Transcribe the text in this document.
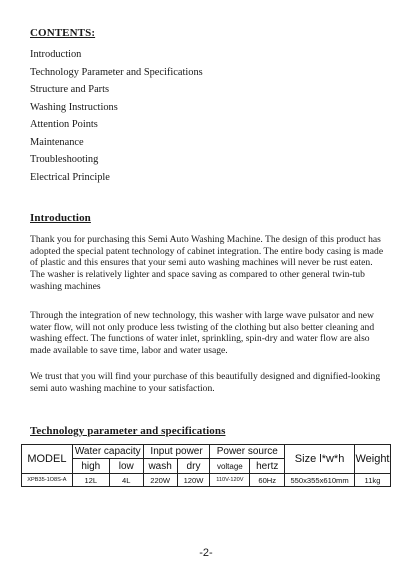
CONTENTS:
Introduction
Technology Parameter and Specifications
Structure and Parts
Washing Instructions
Attention Points
Maintenance
Troubleshooting
Electrical Principle
Introduction
Thank you for purchasing this Semi Auto Washing Machine. The design of this product has adopted the special patent technology of cabinet integration. The entire body casing is made of plastic and this ensures that your semi auto washing machines will never be rust eaten. The washer is relatively lighter and space saving as compared to other general twin-tub washing machines
Through the integration of new technology, this washer with large wave pulsator and new water flow, will not only produce less twisting of the clothing but also better cleaning and washing effect. The functions of water inlet, sprinkling, spin-dry and water flow are also made available to save time, labor and water usage.
We trust that you will find your purchase of this beautifully designed and dignified-looking semi auto washing machine to your satisfaction.
Technology parameter and specifications
MODEL	Water capacity		Input power		Power source		Size l*w*h	Weight
	high	low	wash	dry	voltage	hertz		
XPB35-1O8S-A	12L	4L	220W	120W	110V-120V	60Hz	550x355x610mm	11kg
-2-
